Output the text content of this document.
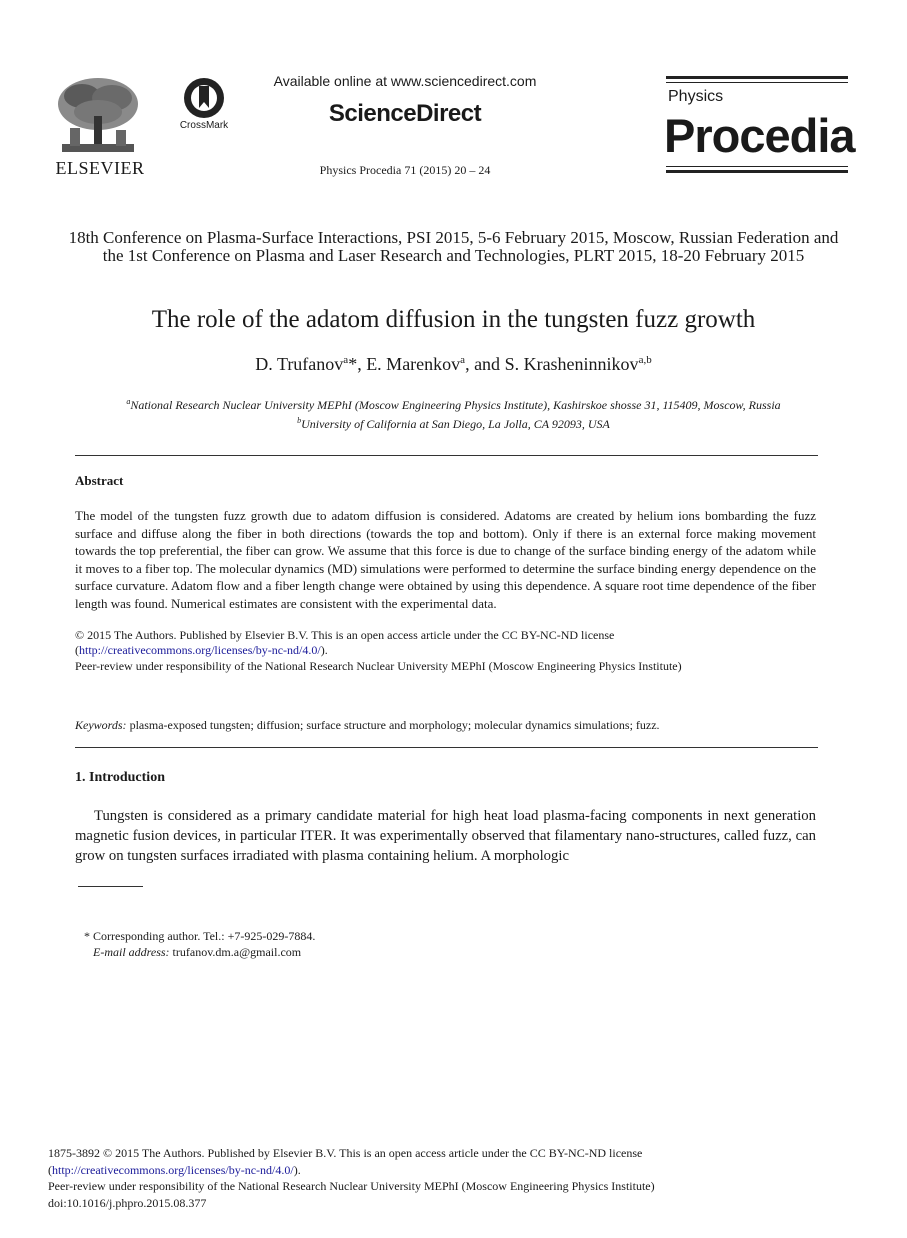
ELSEVIER
CrossMark
Available online at www.sciencedirect.com
ScienceDirect
Physics Procedia 71 (2015) 20 – 24
Physics
Procedia
18th Conference on Plasma-Surface Interactions, PSI 2015, 5-6 February 2015, Moscow, Russian Federation and the 1st Conference on Plasma and Laser Research and Technologies, PLRT 2015, 18-20 February 2015
The role of the adatom diffusion in the tungsten fuzz growth
D. Trufanov$^a$*, E. Marenkov$^a$, and S. Krasheninnikov$^{a,b}$
$^a$National Research Nuclear University MEPhI (Moscow Engineering Physics Institute), Kashirskoe shosse 31, 115409, Moscow, Russia
$^b$University of California at San Diego, La Jolla, CA 92093, USA
Abstract

The model of the tungsten fuzz growth due to adatom diffusion is considered. Adatoms are created by helium ions bombarding the fuzz surface and diffuse along the fiber in both directions (towards the top and bottom). Only if there is an external force making movement towards the top preferential, the fiber can grow. We assume that this force is due to change of the surface binding energy of the adatom while it moves to a fiber top. The molecular dynamics (MD) simulations were performed to determine the surface binding energy dependence on the surface curvature. Adatom flow and a fiber length change were obtained by using this dependence. A square root time dependence of the fiber length was found. Numerical estimates are consistent with the experimental data.

© 2015 The Authors. Published by Elsevier B.V. This is an open access article under the CC BY-NC-ND license
(http://creativecommons.org/licenses/by-nc-nd/4.0/).
Peer-review under responsibility of the National Research Nuclear University MEPhI (Moscow Engineering Physics Institute)
Keywords: plasma-exposed tungsten; diffusion; surface structure and morphology; molecular dynamics simulations; fuzz.
1. Introduction
Tungsten is considered as a primary candidate material for high heat load plasma-facing components in next generation magnetic fusion devices, in particular ITER. It was experimentally observed that filamentary nano-structures, called fuzz, can grow on tungsten surfaces irradiated with plasma containing helium. A morphologic
* Corresponding author. Tel.: +7-925-029-7884.
E-mail address: trufanov.dm.a@gmail.com
1875-3892 © 2015 The Authors. Published by Elsevier B.V. This is an open access article under the CC BY-NC-ND license
(http://creativecommons.org/licenses/by-nc-nd/4.0/).
Peer-review under responsibility of the National Research Nuclear University MEPhI (Moscow Engineering Physics Institute)
doi:10.1016/j.phpro.2015.08.377
